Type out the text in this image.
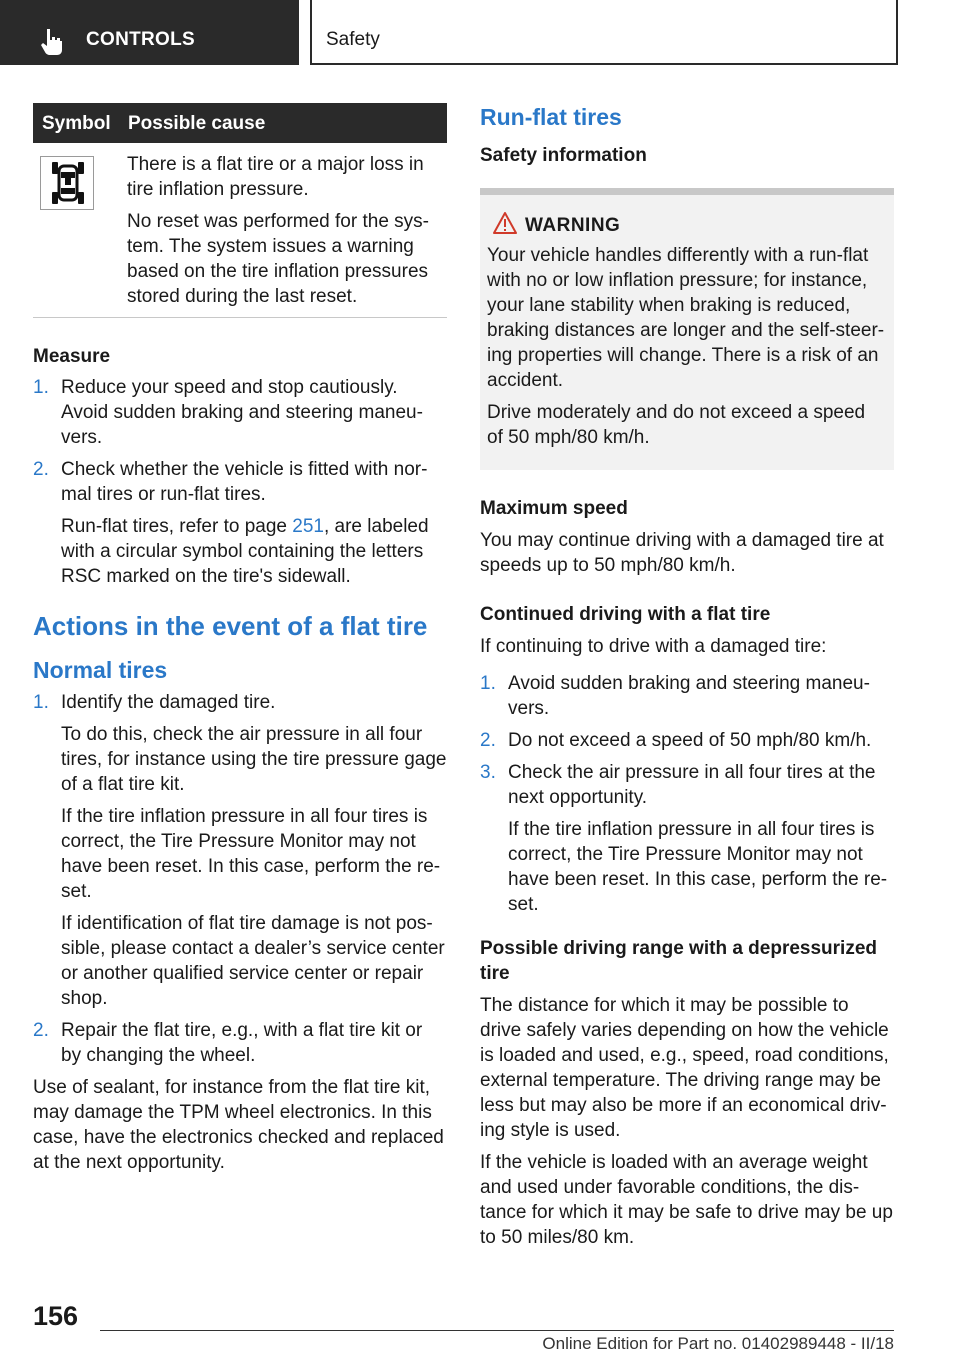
CONTROLS	Safety
Symbol Possible cause

There is a flat tire or a major loss in tire inflation pressure.

No reset was performed for the sys-tem. The system issues a warning based on the tire inflation pressures stored during the last reset.

Measure
1. Reduce your speed and stop cautiously. Avoid sudden braking and steering maneu-vers.

2. Check whether the vehicle is fitted with nor-mal tires or run-flat tires.

Run-flat tires, refer to page 251, are labeled with a circular symbol containing the letters RSC marked on the tire's sidewall.

Actions in the event of a flat tire
Normal tires
1. Identify the damaged tire.

To do this, check the air pressure in all four tires, for instance using the tire pressure gage of a flat tire kit.

If the tire inflation pressure in all four tires is correct, the Tire Pressure Monitor may not have been reset. In this case, perform the re-set.

If identification of flat tire damage is not pos-sible, please contact a dealer’s service center or another qualified service center or repair shop.

2. Repair the flat tire, e.g., with a flat tire kit or by changing the wheel.

Use of sealant, for instance from the flat tire kit, may damage the TPM wheel electronics. In this case, have the electronics checked and replaced at the next opportunity.

Run-flat tires
Safety information
WARNING

Your vehicle handles differently with a run-flat with no or low inflation pressure; for instance, your lane stability when braking is reduced, braking distances are longer and the self-steer-ing properties will change. There is a risk of an accident.

Drive moderately and do not exceed a speed of 50 mph/80 km/h.

Maximum speed

You may continue driving with a damaged tire at speeds up to 50 mph/80 km/h.

Continued driving with a flat tire

If continuing to drive with a damaged tire:

1. Avoid sudden braking and steering maneu-vers.

2. Do not exceed a speed of 50 mph/80 km/h.

3. Check the air pressure in all four tires at the next opportunity.

If the tire inflation pressure in all four tires is correct, the Tire Pressure Monitor may not have been reset. In this case, perform the re-set.

Possible driving range with a depressurized tire

The distance for which it may be possible to drive safely varies depending on how the vehicle is loaded and used, e.g., speed, road conditions, external temperature. The driving range may be less but may also be more if an economical driv-ing style is used.

If the vehicle is loaded with an average weight and used under favorable conditions, the dis-tance for which it may be safe to drive may be up to 50 miles/80 km.

156
Online Edition for Part no. 01402989448 - II/18
